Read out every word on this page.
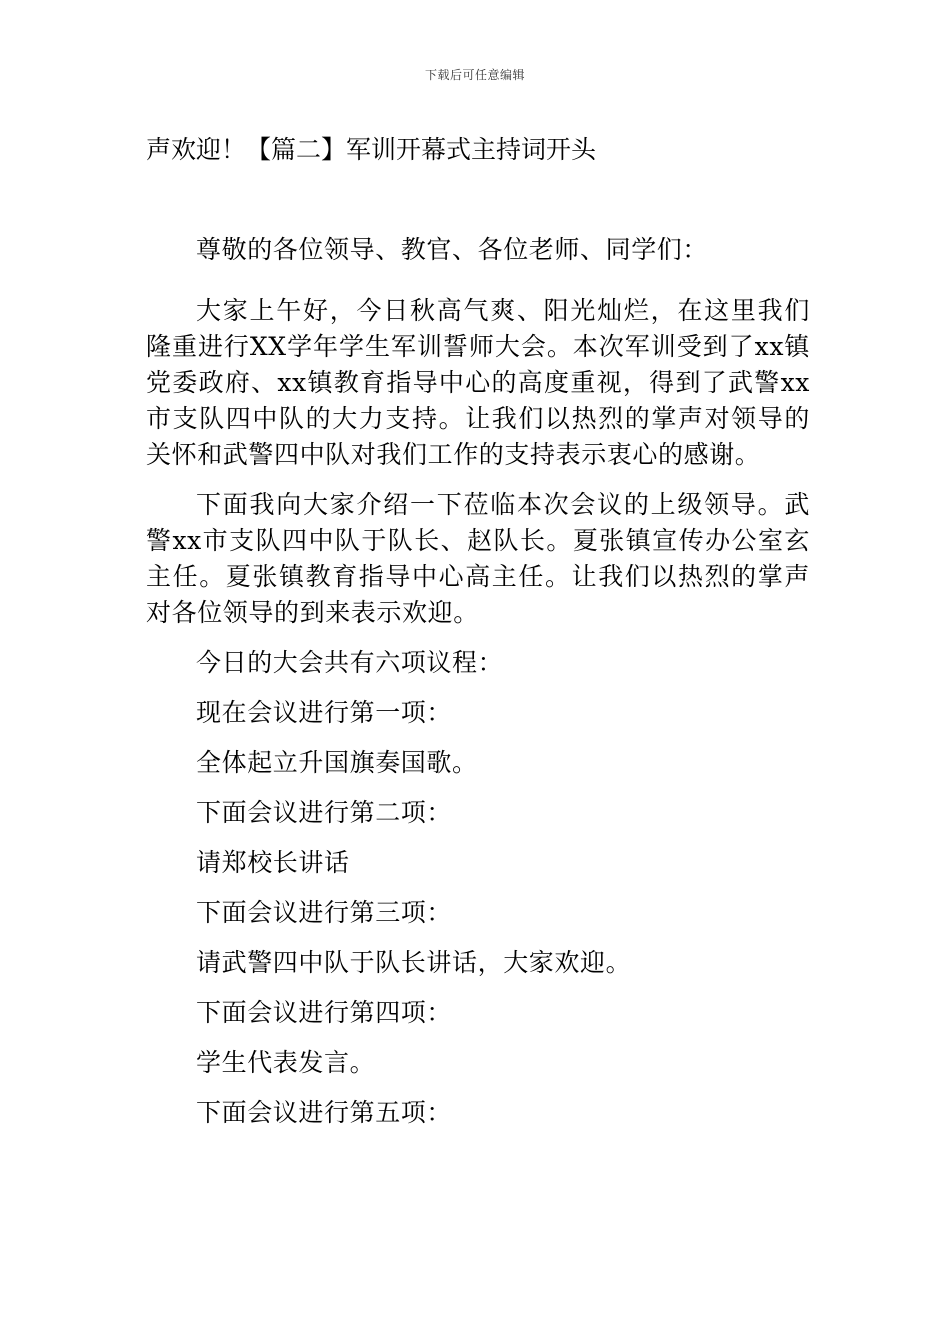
下载后可任意编辑
声欢迎！【篇二】军训开幕式主持词开头

尊敬的各位领导、教官、各位老师、同学们：

大家上午好，今日秋高气爽、阳光灿烂，在这里我们隆重进行XX学年学生军训誓师大会。本次军训受到了xx镇党委政府、xx镇教育指导中心的高度重视，得到了武警xx市支队四中队的大力支持。让我们以热烈的掌声对领导的关怀和武警四中队对我们工作的支持表示衷心的感谢。

下面我向大家介绍一下莅临本次会议的上级领导。武警xx市支队四中队于队长、赵队长。夏张镇宣传办公室玄主任。夏张镇教育指导中心高主任。让我们以热烈的掌声对各位领导的到来表示欢迎。

今日的大会共有六项议程：

现在会议进行第一项：

全体起立升国旗奏国歌。

下面会议进行第二项：

请郑校长讲话

下面会议进行第三项：

请武警四中队于队长讲话，大家欢迎。

下面会议进行第四项：

学生代表发言。

下面会议进行第五项：
